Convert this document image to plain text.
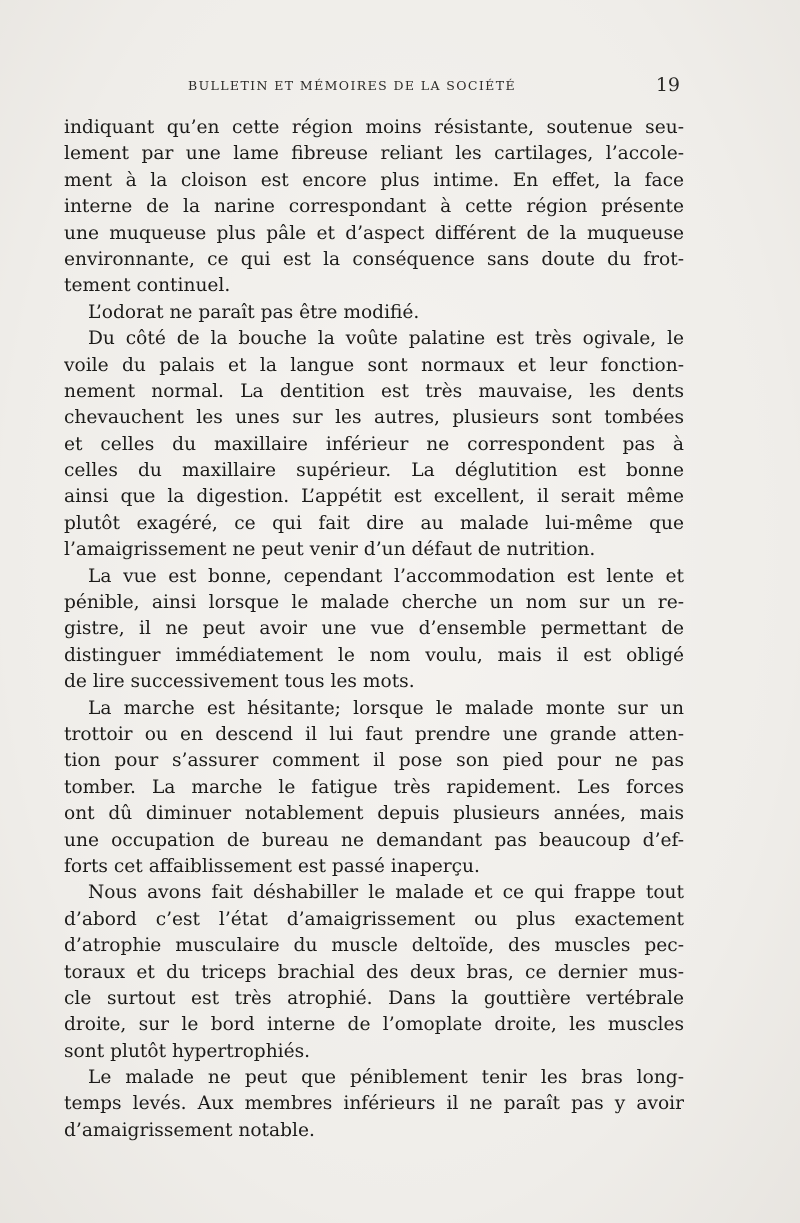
BULLETIN ET MÉMOIRES DE LA SOCIÉTÉ	19
indiquant qu’en cette région moins résistante, soutenue seu-
lement par une lame fibreuse reliant les cartilages, l’accole-
ment à la cloison est encore plus intime. En effet, la face
interne de la narine correspondant à cette région présente
une muqueuse plus pâle et d’aspect différent de la muqueuse
environnante, ce qui est la conséquence sans doute du frot-
tement continuel.
L’odorat ne paraît pas être modifié.
Du côté de la bouche la voûte palatine est très ogivale, le
voile du palais et la langue sont normaux et leur fonction-
nement normal. La dentition est très mauvaise, les dents
chevauchent les unes sur les autres, plusieurs sont tombées
et celles du maxillaire inférieur ne correspondent pas à
celles du maxillaire supérieur. La déglutition est bonne
ainsi que la digestion. L’appétit est excellent, il serait même
plutôt exagéré, ce qui fait dire au malade lui-même que
l’amaigrissement ne peut venir d’un défaut de nutrition.
La vue est bonne, cependant l’accommodation est lente et
pénible, ainsi lorsque le malade cherche un nom sur un re-
gistre, il ne peut avoir une vue d’ensemble permettant de
distinguer immédiatement le nom voulu, mais il est obligé
de lire successivement tous les mots.
La marche est hésitante; lorsque le malade monte sur un
trottoir ou en descend il lui faut prendre une grande atten-
tion pour s’assurer comment il pose son pied pour ne pas
tomber. La marche le fatigue très rapidement. Les forces
ont dû diminuer notablement depuis plusieurs années, mais
une occupation de bureau ne demandant pas beaucoup d’ef-
forts cet affaiblissement est passé inaperçu.
Nous avons fait déshabiller le malade et ce qui frappe tout
d’abord c’est l’état d’amaigrissement ou plus exactement
d’atrophie musculaire du muscle deltoïde, des muscles pec-
toraux et du triceps brachial des deux bras, ce dernier mus-
cle surtout est très atrophié. Dans la gouttière vertébrale
droite, sur le bord interne de l’omoplate droite, les muscles
sont plutôt hypertrophiés.
Le malade ne peut que péniblement tenir les bras long-
temps levés. Aux membres inférieurs il ne paraît pas y avoir
d’amaigrissement notable.
